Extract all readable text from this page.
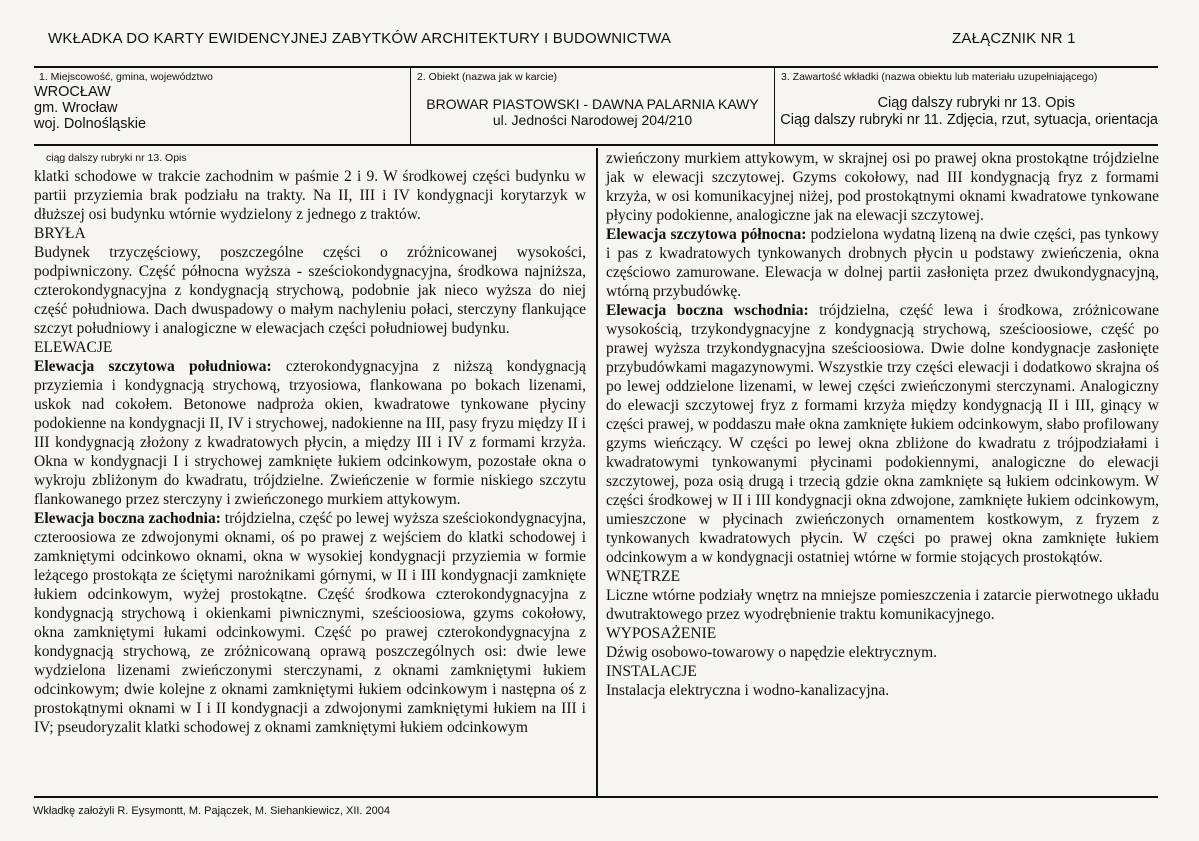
WKŁADKA DO KARTY EWIDENCYJNEJ ZABYTKÓW ARCHITEKTURY I BUDOWNICTWA	ZAŁĄCZNIK NR 1
1. Miejscowość, gmina, województwo
WROCŁAW
gm. Wrocław
woj. Dolnośląskie
2. Obiekt (nazwa jak w karcie)
BROWAR PIASTOWSKI - DAWNA PALARNIA KAWY
ul. Jedności Narodowej 204/210
3. Zawartość wkładki (nazwa obiektu lub materiału uzupełniającego)
Ciąg dalszy rubryki nr 13. Opis
Ciąg dalszy rubryki nr 11. Zdjęcia, rzut, sytuacja, orientacja
ciąg dalszy rubryki nr 13. Opis

klatki schodowe w trakcie zachodnim w paśmie 2 i 9. W środkowej części budynku w partii przyziemia brak podziału na trakty. Na II, III i IV kondygnacji korytarzyk w dłuższej osi budynku wtórnie wydzielony z jednego z traktów.

BRYŁA

Budynek trzyczęściowy, poszczególne części o zróżnicowanej wysokości, podpiwniczony. Część północna wyższa - sześciokondygnacyjna, środkowa najniższa, czterokondygnacyjna z kondygnacją strychową, podobnie jak nieco wyższa do niej część południowa. Dach dwuspadowy o małym nachyleniu połaci, sterczyny flankujące szczyt południowy i analogiczne w elewacjach części południowej budynku.

ELEWACJE

Elewacja szczytowa południowa: czterokondygnacyjna z niższą kondygnacją przyziemia i kondygnacją strychową, trzyosiowa, flankowana po bokach lizenami, uskok nad cokołem. Betonowe nadproża okien, kwadratowe tynkowane płyciny podokienne na kondygnacji II, IV i strychowej, nadokienne na III, pasy fryzu między II i III kondygnacją złożony z kwadratowych płycin, a między III i IV z formami krzyża. Okna w kondygnacji I i strychowej zamknięte łukiem odcinkowym, pozostałe okna o wykroju zbliżonym do kwadratu, trójdzielne. Zwieńczenie w formie niskiego szczytu flankowanego przez sterczyny i zwieńczonego murkiem attykowym.

Elewacja boczna zachodnia: trójdzielna, część po lewej wyższa sześciokondygnacyjna, czteroosiowa ze zdwojonymi oknami, oś po prawej z wejściem do klatki schodowej i zamkniętymi odcinkowo oknami, okna w wysokiej kondygnacji przyziemia w formie leżącego prostokąta ze ściętymi narożnikami górnymi, w II i III kondygnacji zamknięte łukiem odcinkowym, wyżej prostokątne. Część środkowa czterokondygnacyjna z kondygnacją strychową i okienkami piwnicznymi, sześcioosiowa, gzyms cokołowy, okna zamkniętymi łukami odcinkowymi. Część po prawej czterokondygnacyjna z kondygnacją strychową, ze zróżnicowaną oprawą poszczególnych osi: dwie lewe wydzielona lizenami zwieńczonymi sterczynami, z oknami zamkniętymi łukiem odcinkowym; dwie kolejne z oknami zamkniętymi łukiem odcinkowym i następna oś z prostokątnymi oknami w I i II kondygnacji a zdwojonymi zamkniętymi łukiem na III i IV; pseudoryzalit klatki schodowej z oknami zamkniętymi łukiem odcinkowym

zwieńczony murkiem attykowym, w skrajnej osi po prawej okna prostokątne trójdzielne jak w elewacji szczytowej. Gzyms cokołowy, nad III kondygnacją fryz z formami krzyża, w osi komunikacyjnej niżej, pod prostokątnymi oknami kwadratowe tynkowane płyciny podokienne, analogiczne jak na elewacji szczytowej.

Elewacja szczytowa północna: podzielona wydatną lizeną na dwie części, pas tynkowy i pas z kwadratowych tynkowanych drobnych płycin u podstawy zwieńczenia, okna częściowo zamurowane. Elewacja w dolnej partii zasłonięta przez dwukondygnacyjną, wtórną przybudówkę.

Elewacja boczna wschodnia: trójdzielna, część lewa i środkowa, zróżnicowane wysokością, trzykondygnacyjne z kondygnacją strychową, sześcioosiowe, część po prawej wyższa trzykondygnacyjna sześcioosiowa. Dwie dolne kondygnacje zasłonięte przybudówkami magazynowymi. Wszystkie trzy części elewacji i dodatkowo skrajna oś po lewej oddzielone lizenami, w lewej części zwieńczonymi sterczynami. Analogiczny do elewacji szczytowej fryz z formami krzyża między kondygnacją II i III, ginący w części prawej, w poddaszu małe okna zamknięte łukiem odcinkowym, słabo profilowany gzyms wieńczący. W części po lewej okna zbliżone do kwadratu z trójpodziałami i kwadratowymi tynkowanymi płycinami podokiennymi, analogiczne do elewacji szczytowej, poza osią drugą i trzecią gdzie okna zamknięte są łukiem odcinkowym. W części środkowej w II i III kondygnacji okna zdwojone, zamknięte łukiem odcinkowym, umieszczone w płycinach zwieńczonych ornamentem kostkowym, z fryzem z tynkowanych kwadratowych płycin. W części po prawej okna zamknięte łukiem odcinkowym a w kondygnacji ostatniej wtórne w formie stojących prostokątów.

WNĘTRZE

Liczne wtórne podziały wnętrz na mniejsze pomieszczenia i zatarcie pierwotnego układu dwutraktowego przez wyodrębnienie traktu komunikacyjnego.

WYPOSAŻENIE

Dźwig osobowo-towarowy o napędzie elektrycznym.

INSTALACJE

Instalacja elektryczna i wodno-kanalizacyjna.

Wkładkę założyli R. Eysymontt, M. Pajączek, M. Siehankiewicz, XII. 2004
